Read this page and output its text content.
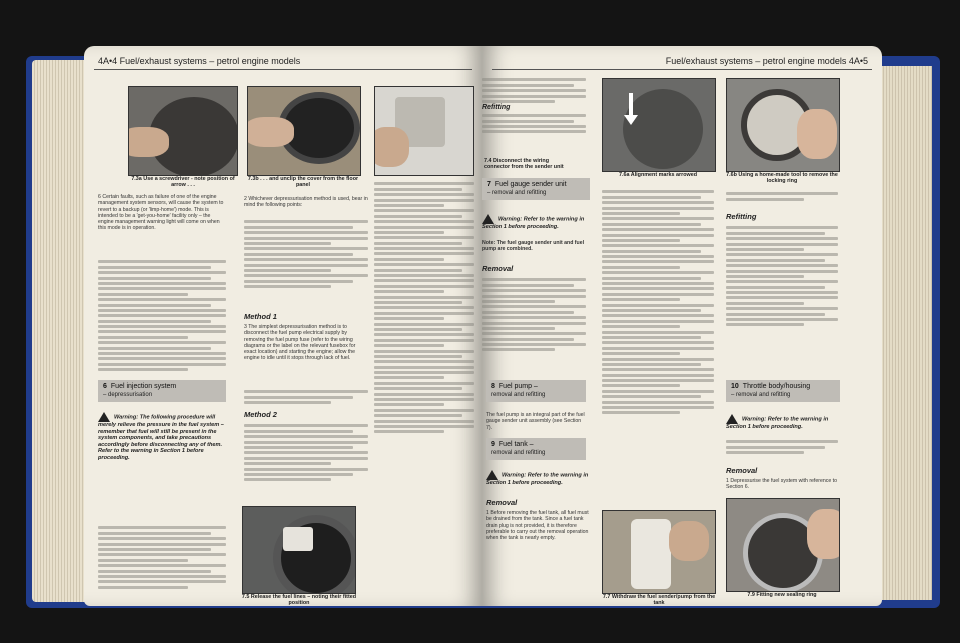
4A•4 Fuel/exhaust systems – petrol engine models
7.3a Use a screwdriver - note position of arrow . . .
7.3b . . . and unclip the cover from the floor panel
6 Certain faults, such as failure of one of the engine management system sensors, will cause the system to revert to a backup (or 'limp-home') mode. This is intended to be a 'get-you-home' facility only – the engine management warning light will come on when this mode is in operation.
6 Fuel injection system
– depressurisation
Warning: The following procedure will merely relieve the pressure in the fuel system – remember that fuel will still be present in the system components, and take precautions accordingly before disconnecting any of them. Refer to the warning in Section 1 before proceeding.
2 Whichever depressurisation method is used, bear in mind the following points:
Method 1
3 The simplest depressurisation method is to disconnect the fuel pump electrical supply by removing the fuel pump fuse (refer to the wiring diagrams or the label on the relevant fusebox for exact location) and starting the engine; allow the engine to idle until it stops through lack of fuel.
Method 2
7.5 Release the fuel lines – noting their fitted position
Fuel/exhaust systems – petrol engine models 4A•5
7.4 Disconnect the wiring connector from the sender unit
7 Fuel gauge sender unit
– removal and refitting
Warning: Refer to the warning in Section 1 before proceeding.
Note: The fuel gauge sender unit and fuel pump are combined.
Removal
8 Fuel pump –
removal and refitting
The fuel pump is an integral part of the fuel gauge sender unit assembly (see Section 7).
9 Fuel tank –
removal and refitting
Warning: Refer to the warning in Section 1 before proceeding.
Removal
1 Before removing the fuel tank, all fuel must be drained from the tank. Since a fuel tank drain plug is not provided, it is therefore preferable to carry out the removal operation when the tank is nearly empty.
Refitting
7.6a Alignment marks arrowed
7.7 Withdraw the fuel sender/pump from the tank
7.6b Using a home-made tool to remove the locking ring
Refitting
10 Throttle body/housing
– removal and refitting
Warning: Refer to the warning in Section 1 before proceeding.
Removal
1 Depressurise the fuel system with reference to Section 6.
7.9 Fitting new sealing ring
